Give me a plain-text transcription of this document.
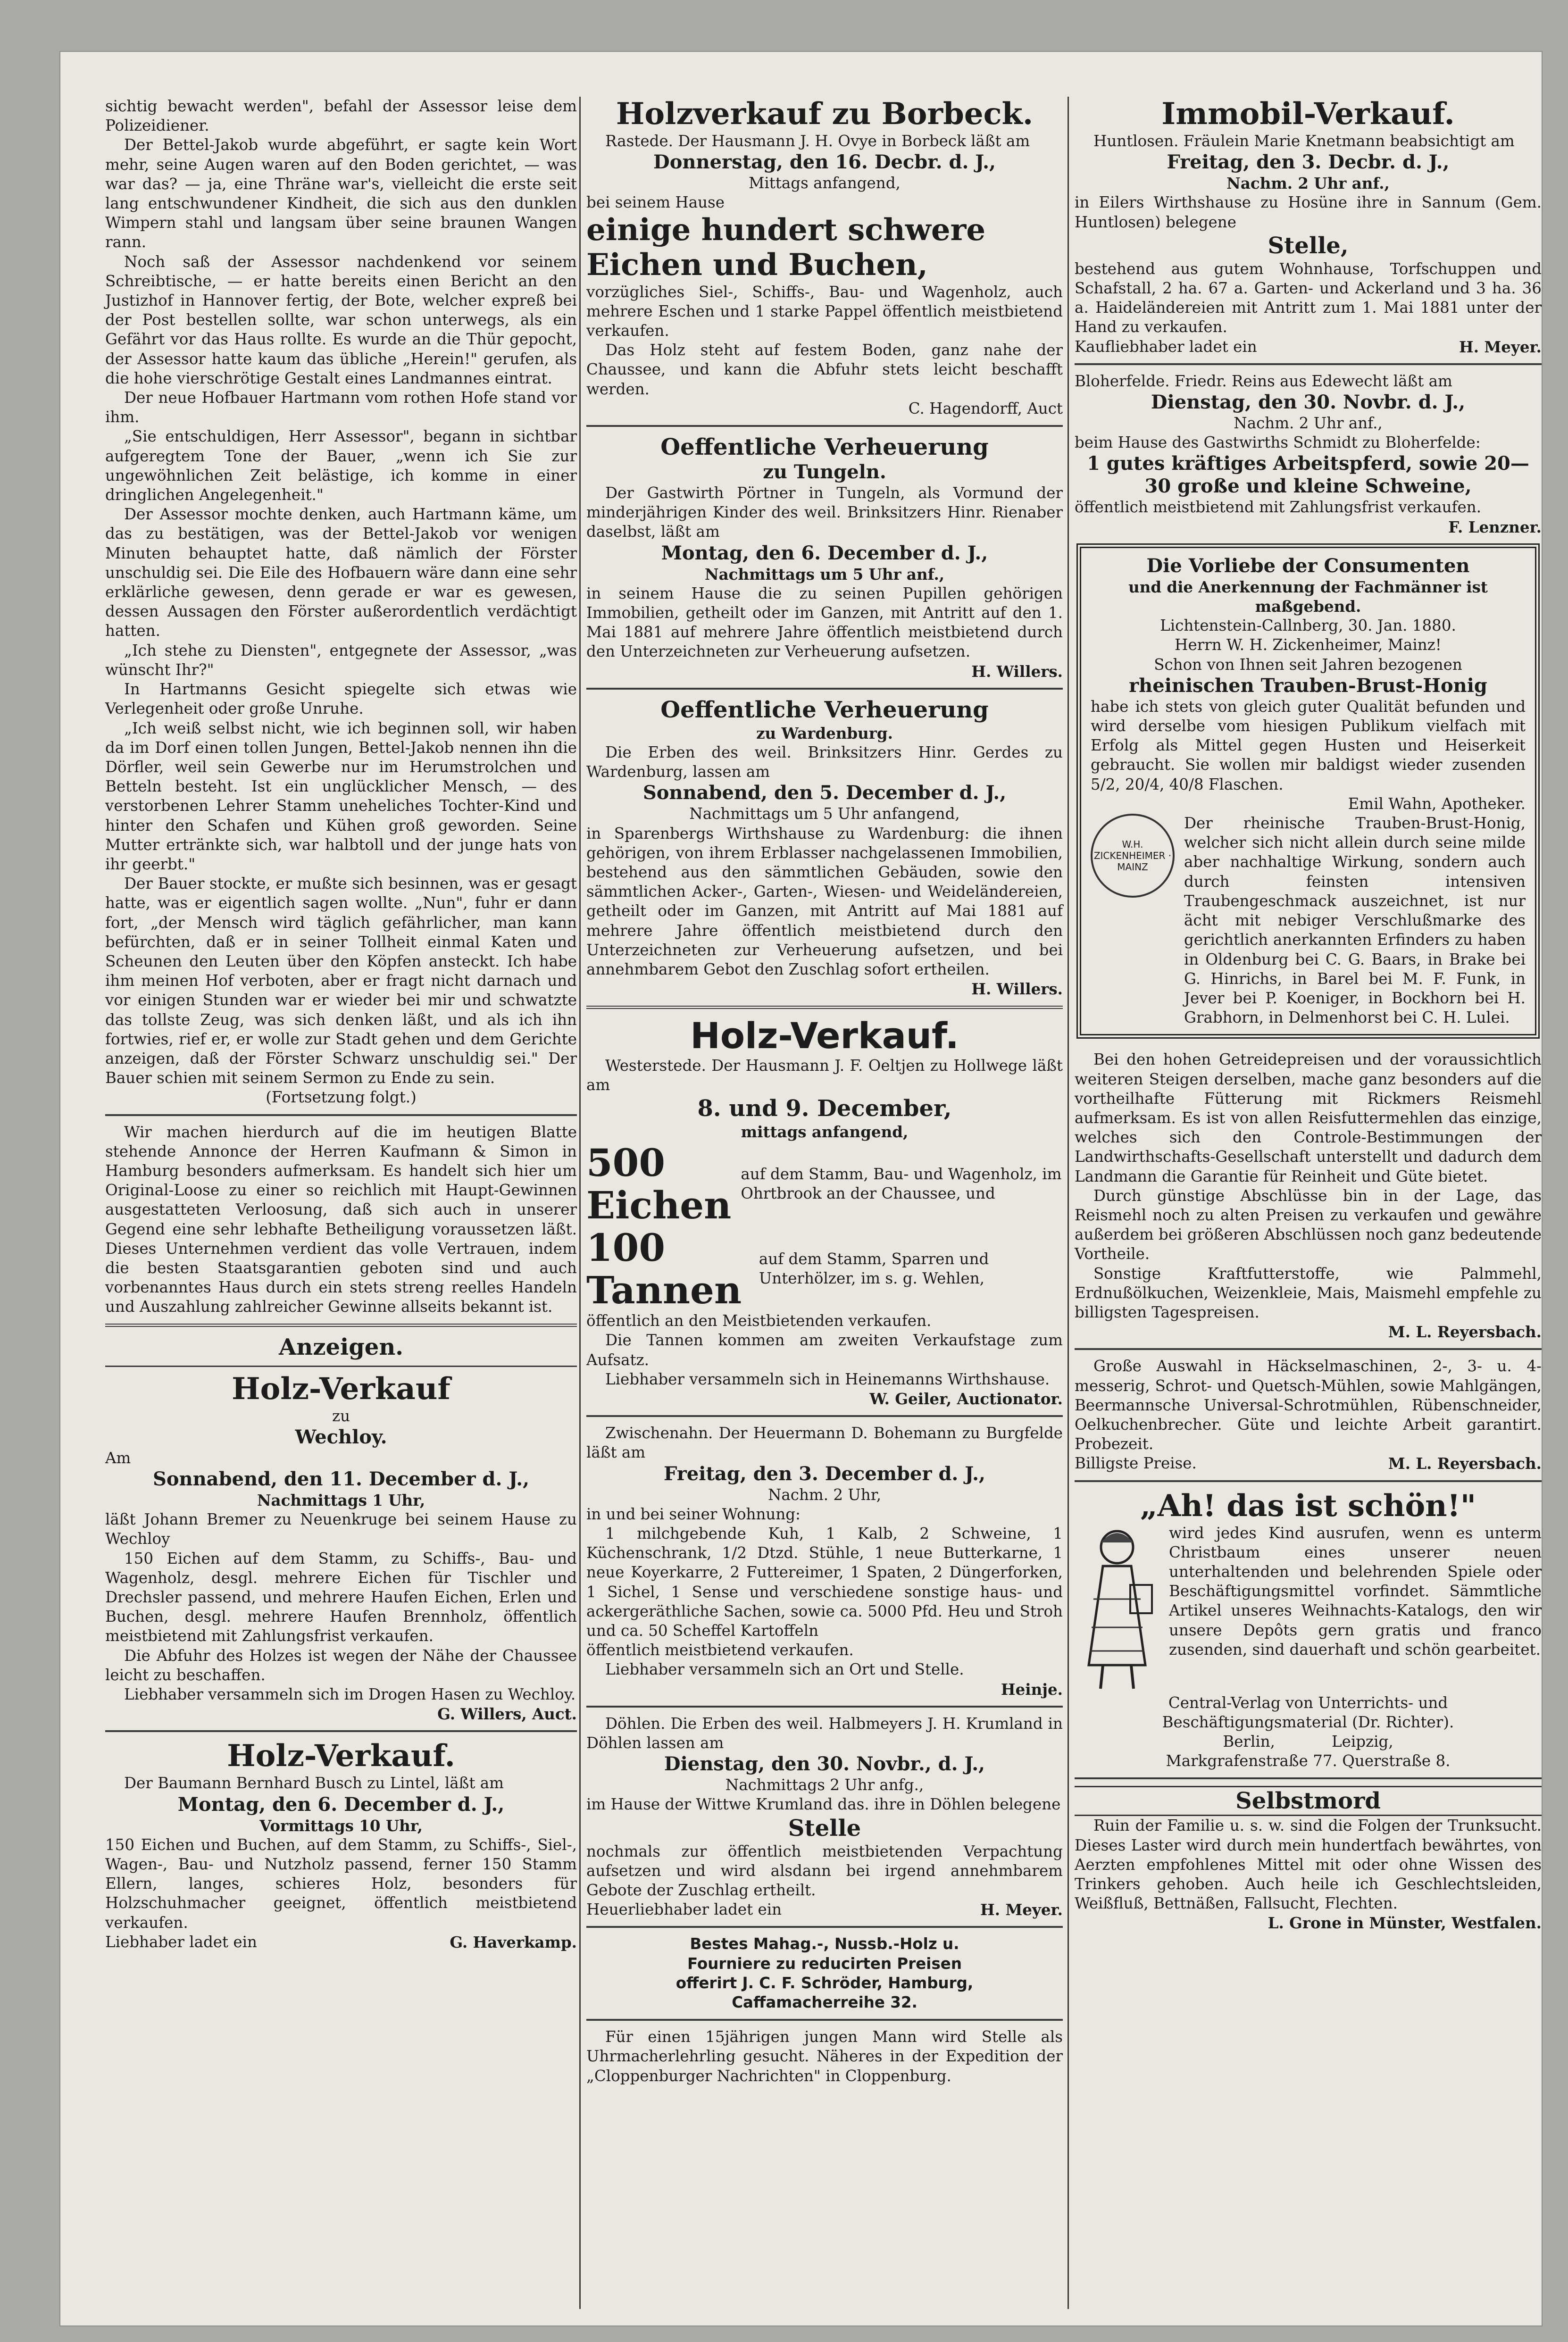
sichtig bewacht werden", befahl der Assessor leise dem Polizeidiener.

Der Bettel-Jakob wurde abgeführt, er sagte kein Wort mehr, seine Augen waren auf den Boden gerichtet, — was war das? — ja, eine Thräne war's, vielleicht die erste seit lang entschwundener Kindheit, die sich aus den dunklen Wimpern stahl und langsam über seine braunen Wangen rann.

Noch saß der Assessor nachdenkend vor seinem Schreibtische, — er hatte bereits einen Bericht an den Justizhof in Hannover fertig, der Bote, welcher expreß bei der Post bestellen sollte, war schon unterwegs, als ein Gefährt vor das Haus rollte. Es wurde an die Thür gepocht, der Assessor hatte kaum das übliche „Herein!" gerufen, als die hohe vierschrötige Gestalt eines Landmannes eintrat.

Der neue Hofbauer Hartmann vom rothen Hofe stand vor ihm.

„Sie entschuldigen, Herr Assessor", begann in sichtbar aufgeregtem Tone der Bauer, „wenn ich Sie zur ungewöhnlichen Zeit belästige, ich komme in einer dringlichen Angelegenheit."

Der Assessor mochte denken, auch Hartmann käme, um das zu bestätigen, was der Bettel-Jakob vor wenigen Minuten behauptet hatte, daß nämlich der Förster unschuldig sei. Die Eile des Hofbauern wäre dann eine sehr erklärliche gewesen, denn gerade er war es gewesen, dessen Aussagen den Förster außerordentlich verdächtigt hatten.

„Ich stehe zu Diensten", entgegnete der Assessor, „was wünscht Ihr?"

In Hartmanns Gesicht spiegelte sich etwas wie Verlegenheit oder große Unruhe.

„Ich weiß selbst nicht, wie ich beginnen soll, wir haben da im Dorf einen tollen Jungen, Bettel-Jakob nennen ihn die Dörfler, weil sein Gewerbe nur im Herumstrolchen und Betteln besteht. Ist ein unglücklicher Mensch, — des verstorbenen Lehrer Stamm uneheliches Tochter-Kind und hinter den Schafen und Kühen groß geworden. Seine Mutter ertränkte sich, war halbtoll und der junge hats von ihr geerbt."

Der Bauer stockte, er mußte sich besinnen, was er gesagt hatte, was er eigentlich sagen wollte. „Nun", fuhr er dann fort, „der Mensch wird täglich gefährlicher, man kann befürchten, daß er in seiner Tollheit einmal Katen und Scheunen den Leuten über den Köpfen ansteckt. Ich habe ihm meinen Hof verboten, aber er fragt nicht darnach und vor einigen Stunden war er wieder bei mir und schwatzte das tollste Zeug, was sich denken läßt, und als ich ihn fortwies, rief er, er wolle zur Stadt gehen und dem Gerichte anzeigen, daß der Förster Schwarz unschuldig sei." Der Bauer schien mit seinem Sermon zu Ende zu sein.

(Fortsetzung folgt.)

Wir machen hierdurch auf die im heutigen Blatte stehende Annonce der Herren Kaufmann & Simon in Hamburg besonders aufmerksam. Es handelt sich hier um Original-Loose zu einer so reichlich mit Haupt-Gewinnen ausgestatteten Verloosung, daß sich auch in unserer Gegend eine sehr lebhafte Betheiligung voraussetzen läßt. Dieses Unternehmen verdient das volle Vertrauen, indem die besten Staatsgarantien geboten sind und auch vorbenanntes Haus durch ein stets streng reelles Handeln und Auszahlung zahlreicher Gewinne allseits bekannt ist.

Anzeigen.
Holz-Verkauf
zu
Wechloy.
Am
Sonnabend, den 11. December d. J.,
Nachmittags 1 Uhr,

läßt Johann Bremer zu Neuenkruge bei seinem Hause zu Wechloy

150 Eichen auf dem Stamm, zu Schiffs-, Bau- und Wagenholz, desgl. mehrere Eichen für Tischler und Drechsler passend, und mehrere Haufen Eichen, Erlen und Buchen, desgl. mehrere Haufen Brennholz, öffentlich meistbietend mit Zahlungsfrist verkaufen.

Die Abfuhr des Holzes ist wegen der Nähe der Chaussee leicht zu beschaffen.

Liebhaber versammeln sich im Drogen Hasen zu Wechloy.

G. Willers, Auct.

Holz-Verkauf.

Der Baumann Bernhard Busch zu Lintel, läßt am

Montag, den 6. December d. J.,
Vormittags 10 Uhr,

150 Eichen und Buchen, auf dem Stamm, zu Schiffs-, Siel-, Wagen-, Bau- und Nutzholz passend, ferner 150 Stamm Ellern, langes, schieres Holz, besonders für Holzschuhmacher geeignet, öffentlich meistbietend verkaufen.

Liebhaber ladet ein	G. Haverkamp.
Holzverkauf zu Borbeck.

Rastede. Der Hausmann J. H. Ovye in Borbeck läßt am

Donnerstag, den 16. Decbr. d. J.,
Mittags anfangend,
bei seinem Hause
einige hundert schwere Eichen und Buchen,

vorzügliches Siel-, Schiffs-, Bau- und Wagenholz, auch mehrere Eschen und 1 starke Pappel öffentlich meistbietend verkaufen.

Das Holz steht auf festem Boden, ganz nahe der Chaussee, und kann die Abfuhr stets leicht beschafft werden.

C. Hagendorff, Auct

Oeffentliche Verheuerung
zu Tungeln.

Der Gastwirth Pörtner in Tungeln, als Vormund der minderjährigen Kinder des weil. Brinksitzers Hinr. Rienaber daselbst, läßt am

Montag, den 6. December d. J.,
Nachmittags um 5 Uhr anf.,

in seinem Hause die zu seinen Pupillen gehörigen Immobilien, getheilt oder im Ganzen, mit Antritt auf den 1. Mai 1881 auf mehrere Jahre öffentlich meistbietend durch den Unterzeichneten zur Verheuerung aufsetzen.

H. Willers.

Oeffentliche Verheuerung
zu Wardenburg.

Die Erben des weil. Brinksitzers Hinr. Gerdes zu Wardenburg, lassen am

Sonnabend, den 5. December d. J.,
Nachmittags um 5 Uhr anfangend,

in Sparenbergs Wirthshause zu Wardenburg: die ihnen gehörigen, von ihrem Erblasser nachgelassenen Immobilien, bestehend aus den sämmtlichen Gebäuden, sowie den sämmtlichen Acker-, Garten-, Wiesen- und Weideländereien, getheilt oder im Ganzen, mit Antritt auf Mai 1881 auf mehrere Jahre öffentlich meistbietend durch den Unterzeichneten zur Verheuerung aufsetzen, und bei annehmbarem Gebot den Zuschlag sofort ertheilen.

H. Willers.

Holz-Verkauf.

Westerstede. Der Hausmann J. F. Oeltjen zu Hollwege läßt am

8. und 9. December,
mittags anfangend,
500 Eichen
auf dem Stamm, Bau- und Wagenholz, im Ohrtbrook an der Chaussee, und
100 Tannen
auf dem Stamm, Sparren und Unterhölzer, im s. g. Wehlen,

öffentlich an den Meistbietenden verkaufen.

Die Tannen kommen am zweiten Verkaufstage zum Aufsatz.

Liebhaber versammeln sich in Heinemanns Wirthshause.

W. Geiler, Auctionator.

Zwischenahn. Der Heuermann D. Bohemann zu Burgfelde läßt am

Freitag, den 3. December d. J.,
Nachm. 2 Uhr,
in und bei seiner Wohnung:

1 milchgebende Kuh, 1 Kalb, 2 Schweine, 1 Küchenschrank, 1/2 Dtzd. Stühle, 1 neue Butterkarne, 1 neue Koyerkarre, 2 Futtereimer, 1 Spaten, 2 Düngerforken, 1 Sichel, 1 Sense und verschiedene sonstige haus- und ackergeräthliche Sachen, sowie ca. 5000 Pfd. Heu und Stroh und ca. 50 Scheffel Kartoffeln

öffentlich meistbietend verkaufen.

Liebhaber versammeln sich an Ort und Stelle.

Heinje.

Döhlen. Die Erben des weil. Halbmeyers J. H. Krumland in Döhlen lassen am

Dienstag, den 30. Novbr., d. J.,
Nachmittags 2 Uhr anfg.,

im Hause der Wittwe Krumland das. ihre in Döhlen belegene

Stelle

nochmals zur öffentlich meistbietenden Verpachtung aufsetzen und wird alsdann bei irgend annehmbarem Gebote der Zuschlag ertheilt.

Heuerliebhaber ladet ein	H. Meyer.
Bestes Mahag.-, Nussb.-Holz u.
Fourniere zu reducirten Preisen
offerirt J. C. F. Schröder, Hamburg,
Caffamacherreihe 32.

Für einen 15jährigen jungen Mann wird Stelle als Uhrmacherlehrling gesucht. Näheres in der Expedition der „Cloppenburger Nachrichten" in Cloppenburg.

Immobil-Verkauf.

Huntlosen. Fräulein Marie Knetmann beabsichtigt am

Freitag, den 3. Decbr. d. J.,
Nachm. 2 Uhr anf.,

in Eilers Wirthshause zu Hosüne ihre in Sannum (Gem. Huntlosen) belegene

Stelle,

bestehend aus gutem Wohnhause, Torfschuppen und Schafstall, 2 ha. 67 a. Garten- und Ackerland und 3 ha. 36 a. Haideländereien mit Antritt zum 1. Mai 1881 unter der Hand zu verkaufen.

Kaufliebhaber ladet ein	H. Meyer.

Bloherfelde. Friedr. Reins aus Edewecht läßt am

Dienstag, den 30. Novbr. d. J.,
Nachm. 2 Uhr anf.,
beim Hause des Gastwirths Schmidt zu Bloherfelde:
1 gutes kräftiges Arbeitspferd, sowie 20—30 große und kleine Schweine,

öffentlich meistbietend mit Zahlungsfrist verkaufen.

F. Lenzner.

Die Vorliebe der Consumenten
und die Anerkennung der Fachmänner ist maßgebend.
Lichtenstein-Callnberg, 30. Jan. 1880.
Herrn W. H. Zickenheimer, Mainz!
Schon von Ihnen seit Jahren bezogenen
rheinischen Trauben-Brust-Honig

habe ich stets von gleich guter Qualität befunden und wird derselbe vom hiesigen Publikum vielfach mit Erfolg als Mittel gegen Husten und Heiserkeit gebraucht. Sie wollen mir baldigst wieder zusenden 5/2, 20/4, 40/8 Flaschen.

Emil Wahn, Apotheker.

W.H. ZICKENHEIMER · MAINZ

Der rheinische Trauben-Brust-Honig, welcher sich nicht allein durch seine milde aber nachhaltige Wirkung, sondern auch durch feinsten intensiven Traubengeschmack auszeichnet, ist nur ächt mit nebiger Verschlußmarke des gerichtlich anerkannten Erfinders zu haben in Oldenburg bei C. G. Baars, in Brake bei G. Hinrichs, in Barel bei M. F. Funk, in Jever bei P. Koeniger, in Bockhorn bei H. Grabhorn, in Delmenhorst bei C. H. Lulei.

Bei den hohen Getreidepreisen und der voraussichtlich weiteren Steigen derselben, mache ganz besonders auf die vortheilhafte Fütterung mit Rickmers Reismehl aufmerksam. Es ist von allen Reisfuttermehlen das einzige, welches sich den Controle-Bestimmungen der Landwirthschafts-Gesellschaft unterstellt und dadurch dem Landmann die Garantie für Reinheit und Güte bietet.

Durch günstige Abschlüsse bin in der Lage, das Reismehl noch zu alten Preisen zu verkaufen und gewähre außerdem bei größeren Abschlüssen noch ganz bedeutende Vortheile.

Sonstige Kraftfutterstoffe, wie Palmmehl, Erdnußölkuchen, Weizenkleie, Mais, Maismehl empfehle zu billigsten Tagespreisen.

M. L. Reyersbach.

Große Auswahl in Häckselmaschinen, 2-, 3- u. 4-messerig, Schrot- und Quetsch-Mühlen, sowie Mahlgängen, Beermannsche Universal-Schrotmühlen, Rübenschneider, Oelkuchenbrecher. Güte und leichte Arbeit garantirt. Probezeit.

Billigste Preise.	M. L. Reyersbach.
„Ah! das ist schön!"

wird jedes Kind ausrufen, wenn es unterm Christbaum eines unserer neuen unterhaltenden und belehrenden Spiele oder Beschäftigungsmittel vorfindet. Sämmtliche Artikel unseres Weihnachts-Katalogs, den wir unsere Depôts gern gratis und franco zusenden, sind dauerhaft und schön gearbeitet.

Central-Verlag von Unterrichts- und Beschäftigungsmaterial (Dr. Richter).
Berlin,	Leipzig,
Markgrafenstraße 77. Querstraße 8.
Selbstmord

Ruin der Familie u. s. w. sind die Folgen der Trunksucht. Dieses Laster wird durch mein hundertfach bewährtes, von Aerzten empfohlenes Mittel mit oder ohne Wissen des Trinkers gehoben. Auch heile ich Geschlechtsleiden, Weißfluß, Bettnäßen, Fallsucht, Flechten.

L. Grone in Münster, Westfalen.
